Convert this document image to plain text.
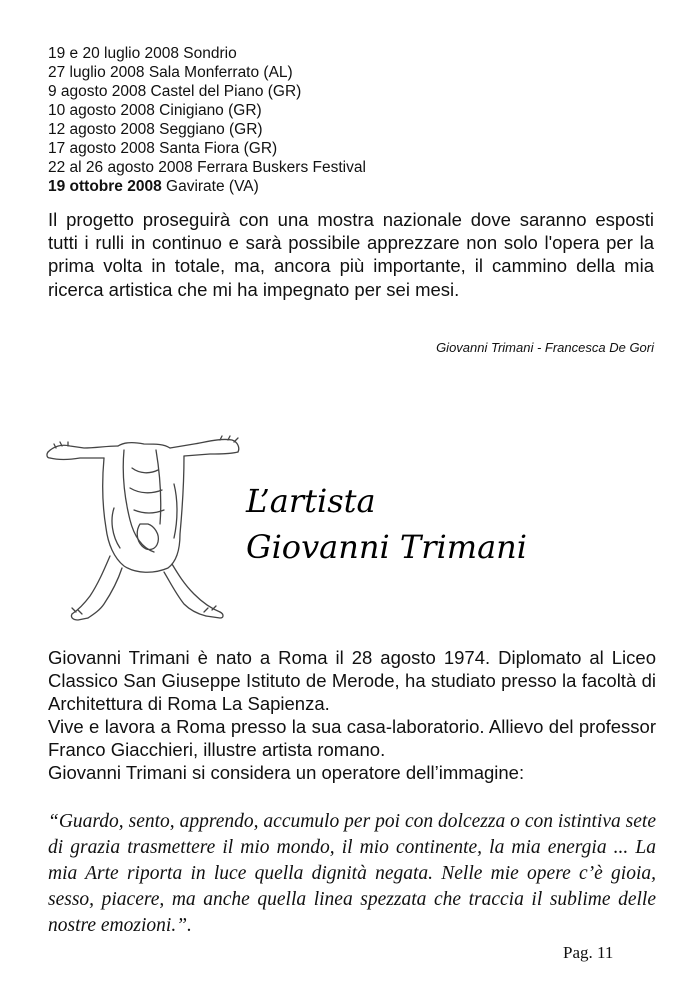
19 e 20 luglio 2008 Sondrio
27 luglio 2008 Sala Monferrato (AL)
9 agosto 2008 Castel del Piano (GR)
10 agosto 2008 Cinigiano (GR)
12 agosto 2008 Seggiano (GR)
17 agosto 2008 Santa Fiora (GR)
22 al 26 agosto 2008 Ferrara Buskers Festival
19 ottobre 2008 Gavirate (VA)

Il progetto proseguirà con una mostra nazionale dove saranno esposti tutti i rulli in continuo e sarà possibile apprezzare non solo l'opera per la prima volta in totale, ma, ancora più importante, il cammino della mia ricerca artistica che mi ha impegnato per sei mesi.

Giovanni Trimani - Francesca De Gori
L’artista
Giovanni Trimani
Giovanni Trimani è nato a Roma il 28 agosto 1974. Diplomato al Liceo Classico San Giuseppe Istituto de Merode, ha studiato presso la facoltà di Architettura di Roma La Sapienza.
Vive e lavora a Roma presso la sua casa-laboratorio. Allievo del professor Franco Giacchieri, illustre artista romano.
Giovanni Trimani si considera un operatore dell’immagine:

“Guardo, sento, apprendo, accumulo per poi con dolcezza o con istintiva sete di grazia trasmettere il mio mondo, il mio continente, la mia energia ... La mia Arte riporta in luce quella dignità negata. Nelle mie opere c’è gioia, sesso, piacere, ma anche quella linea spezzata che traccia il sublime delle nostre emozioni.”.

Pag. 11
